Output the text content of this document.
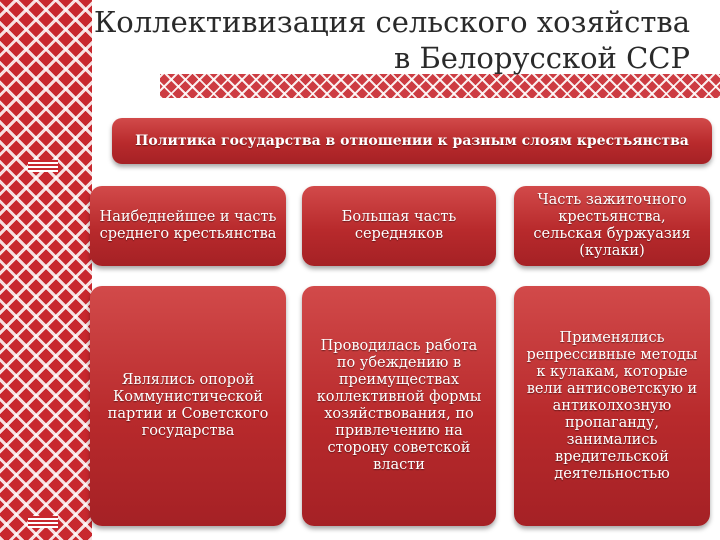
Коллективизация сельского хозяйства
в Белорусской ССР
Политика государства в отношении к разным слоям крестьянства
Наибеднейшее и часть среднего крестьянства
Большая часть середняков
Часть зажиточного крестьянства, сельская буржуазия (кулаки)
Являлись опорой Коммунистической партии и Советского государства
Проводилась работа по убеждению в преимуществах коллективной формы хозяйствования, по привлечению на сторону советской власти
Применялись репрессивные методы к кулакам, которые вели антисоветскую и антиколхозную пропаганду, занимались вредительской деятельностью
